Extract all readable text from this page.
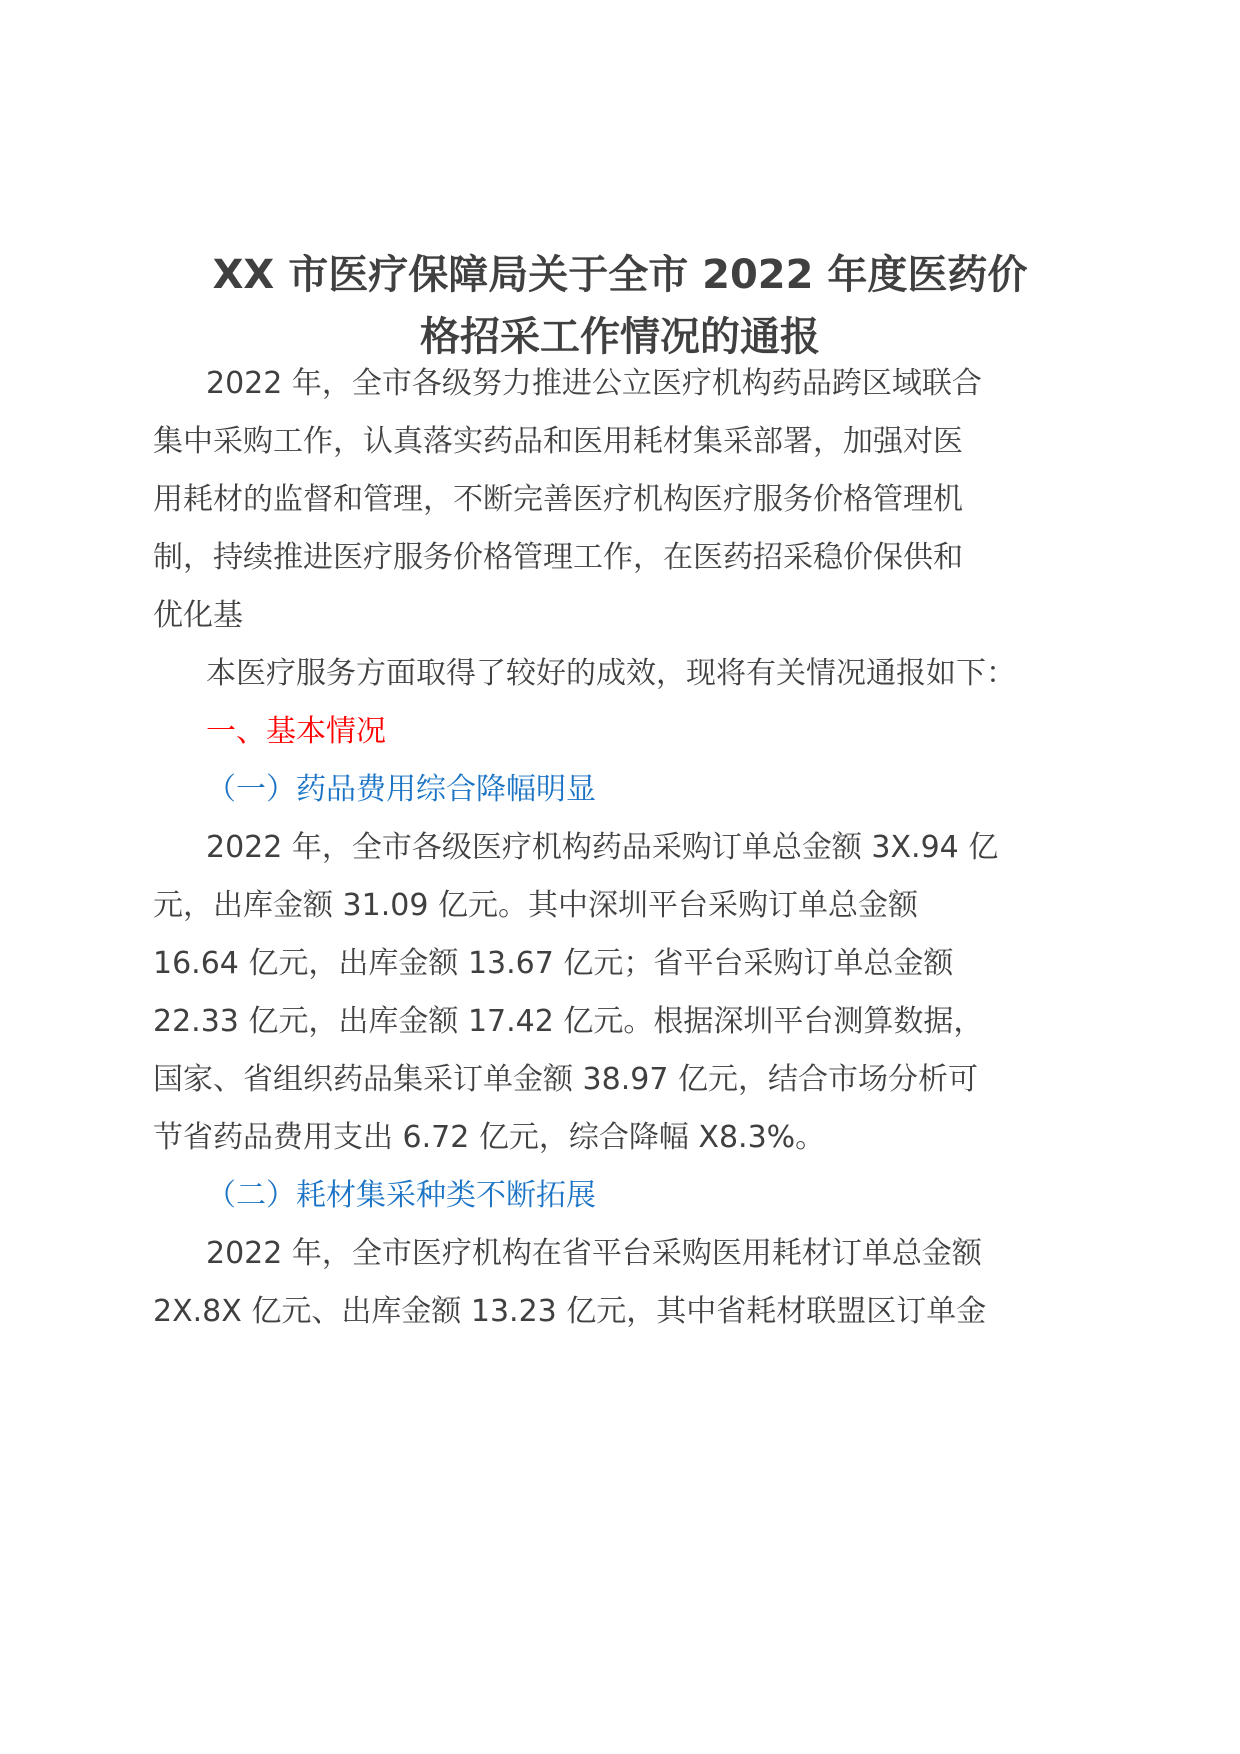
XX 市医疗保障局关于全市 2022 年度医药价
格招采工作情况的通报
2022 年，全市各级努力推进公立医疗机构药品跨区域联合
集中采购工作，认真落实药品和医用耗材集采部署，加强对医
用耗材的监督和管理，不断完善医疗机构医疗服务价格管理机
制，持续推进医疗服务价格管理工作，在医药招采稳价保供和
优化基
本医疗服务方面取得了较好的成效，现将有关情况通报如下：
一、基本情况
（一）药品费用综合降幅明显
2022 年，全市各级医疗机构药品采购订单总金额 3X.94 亿
元，出库金额 31.09 亿元。其中深圳平台采购订单总金额
16.64 亿元，出库金额 13.67 亿元；省平台采购订单总金额
22.33 亿元，出库金额 17.42 亿元。根据深圳平台测算数据，
国家、省组织药品集采订单金额 38.97 亿元，结合市场分析可
节省药品费用支出 6.72 亿元，综合降幅 X8.3%。
（二）耗材集采种类不断拓展
2022 年，全市医疗机构在省平台采购医用耗材订单总金额
2X.8X 亿元、出库金额 13.23 亿元，其中省耗材联盟区订单金
